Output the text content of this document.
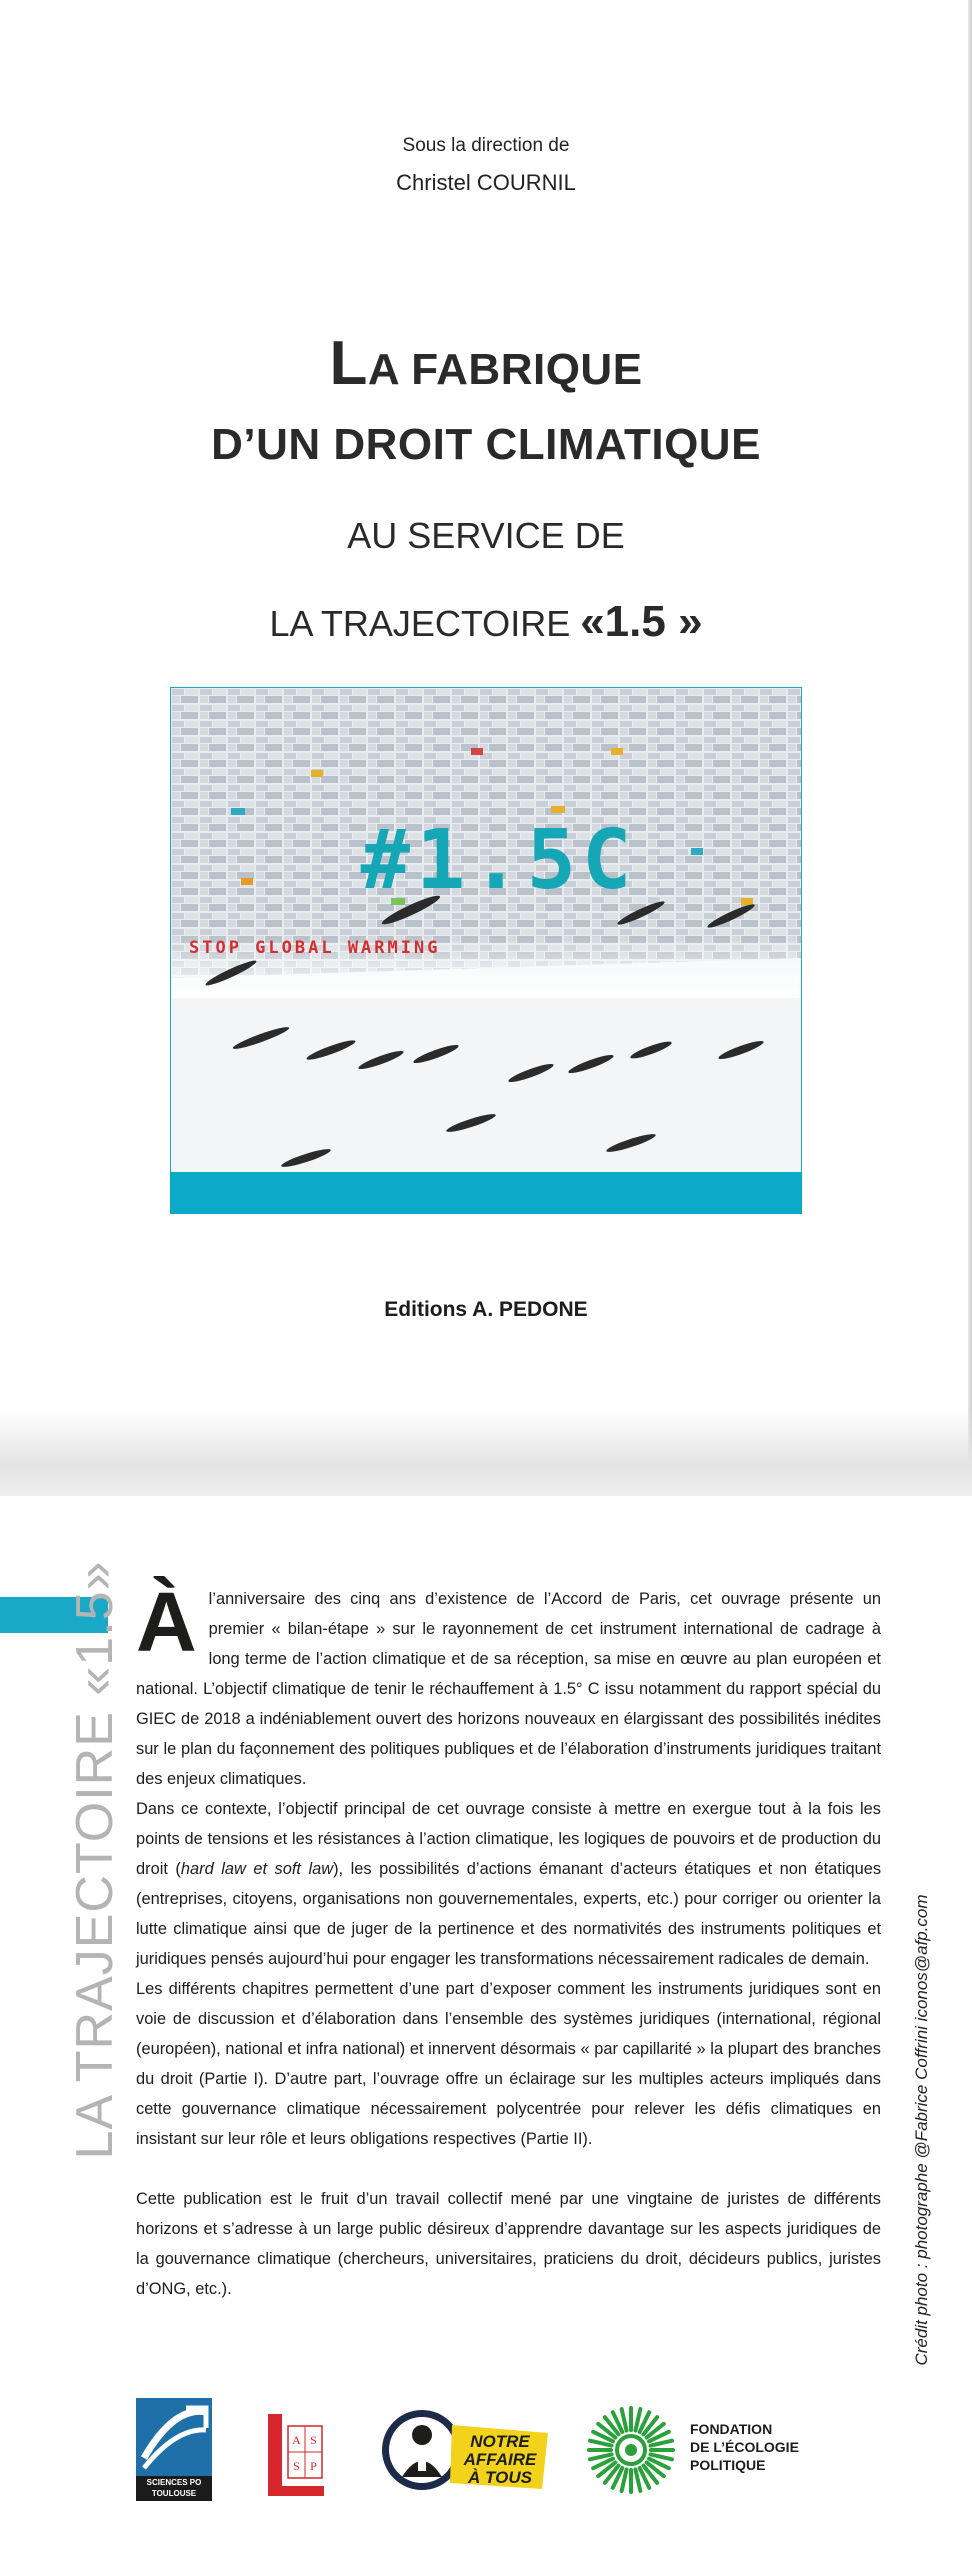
Sous la direction de
Christel COURNIL
LA FABRIQUE
D’UN DROIT CLIMATIQUE
AU SERVICE DE
LA TRAJECTOIRE «1.5 »
#1.5C
STOP GLOBAL WARMING
Editions A. PEDONE
LA TRAJECTOIRE «1.5» À l’anniversaire des cinq ans d’existence de l’Accord de Paris, cet ouvrage présente un premier « bilan-étape » sur le rayonnement de cet instrument international de cadrage à long terme de l’action climatique et de sa réception, sa mise en œuvre au plan européen et national. L’objectif climatique de tenir le réchauffement à 1.5° C issu notamment du rapport spécial du GIEC de 2018 a indéniablement ouvert des horizons nouveaux en élargissant des possibilités inédites sur le plan du façonnement des politiques publiques et de l’élaboration d’instruments juridiques traitant des enjeux climatiques.

Dans ce contexte, l’objectif principal de cet ouvrage consiste à mettre en exergue tout à la fois les points de tensions et les résistances à l’action climatique, les logiques de pouvoirs et de production du droit (hard law et soft law), les possibilités d’actions émanant d’acteurs étatiques et non étatiques (entreprises, citoyens, organisations non gouvernementales, experts, etc.) pour corriger ou orienter la lutte climatique ainsi que de juger de la pertinence et des normativités des instruments politiques et juridiques pensés aujourd’hui pour engager les transformations nécessairement radicales de demain.

Les différents chapitres permettent d’une part d’exposer comment les instruments juridiques sont en voie de discussion et d’élaboration dans l’ensemble des systèmes juridiques (international, régional (européen), national et infra national) et innervent désormais « par capillarité » la plupart des branches du droit (Partie I). D’autre part, l’ouvrage offre un éclairage sur les multiples acteurs impliqués dans cette gouvernance climatique nécessairement polycentrée pour relever les défis climatiques en insistant sur leur rôle et leurs obligations respectives (Partie II).

Cette publication est le fruit d’un travail collectif mené par une vingtaine de juristes de différents horizons et s’adresse à un large public désireux d’apprendre davantage sur les aspects juridiques de la gouvernance climatique (chercheurs, universitaires, praticiens du droit, décideurs publics, juristes d’ONG, etc.).	Crédit photo : photographe @Fabrice Coffrini iconos@afp.com
SCIENCES PO
TOULOUSE
A S
S P
NOTRE
AFFAIRE
À TOUS
FONDATION
DE L’ÉCOLOGIE
POLITIQUE
